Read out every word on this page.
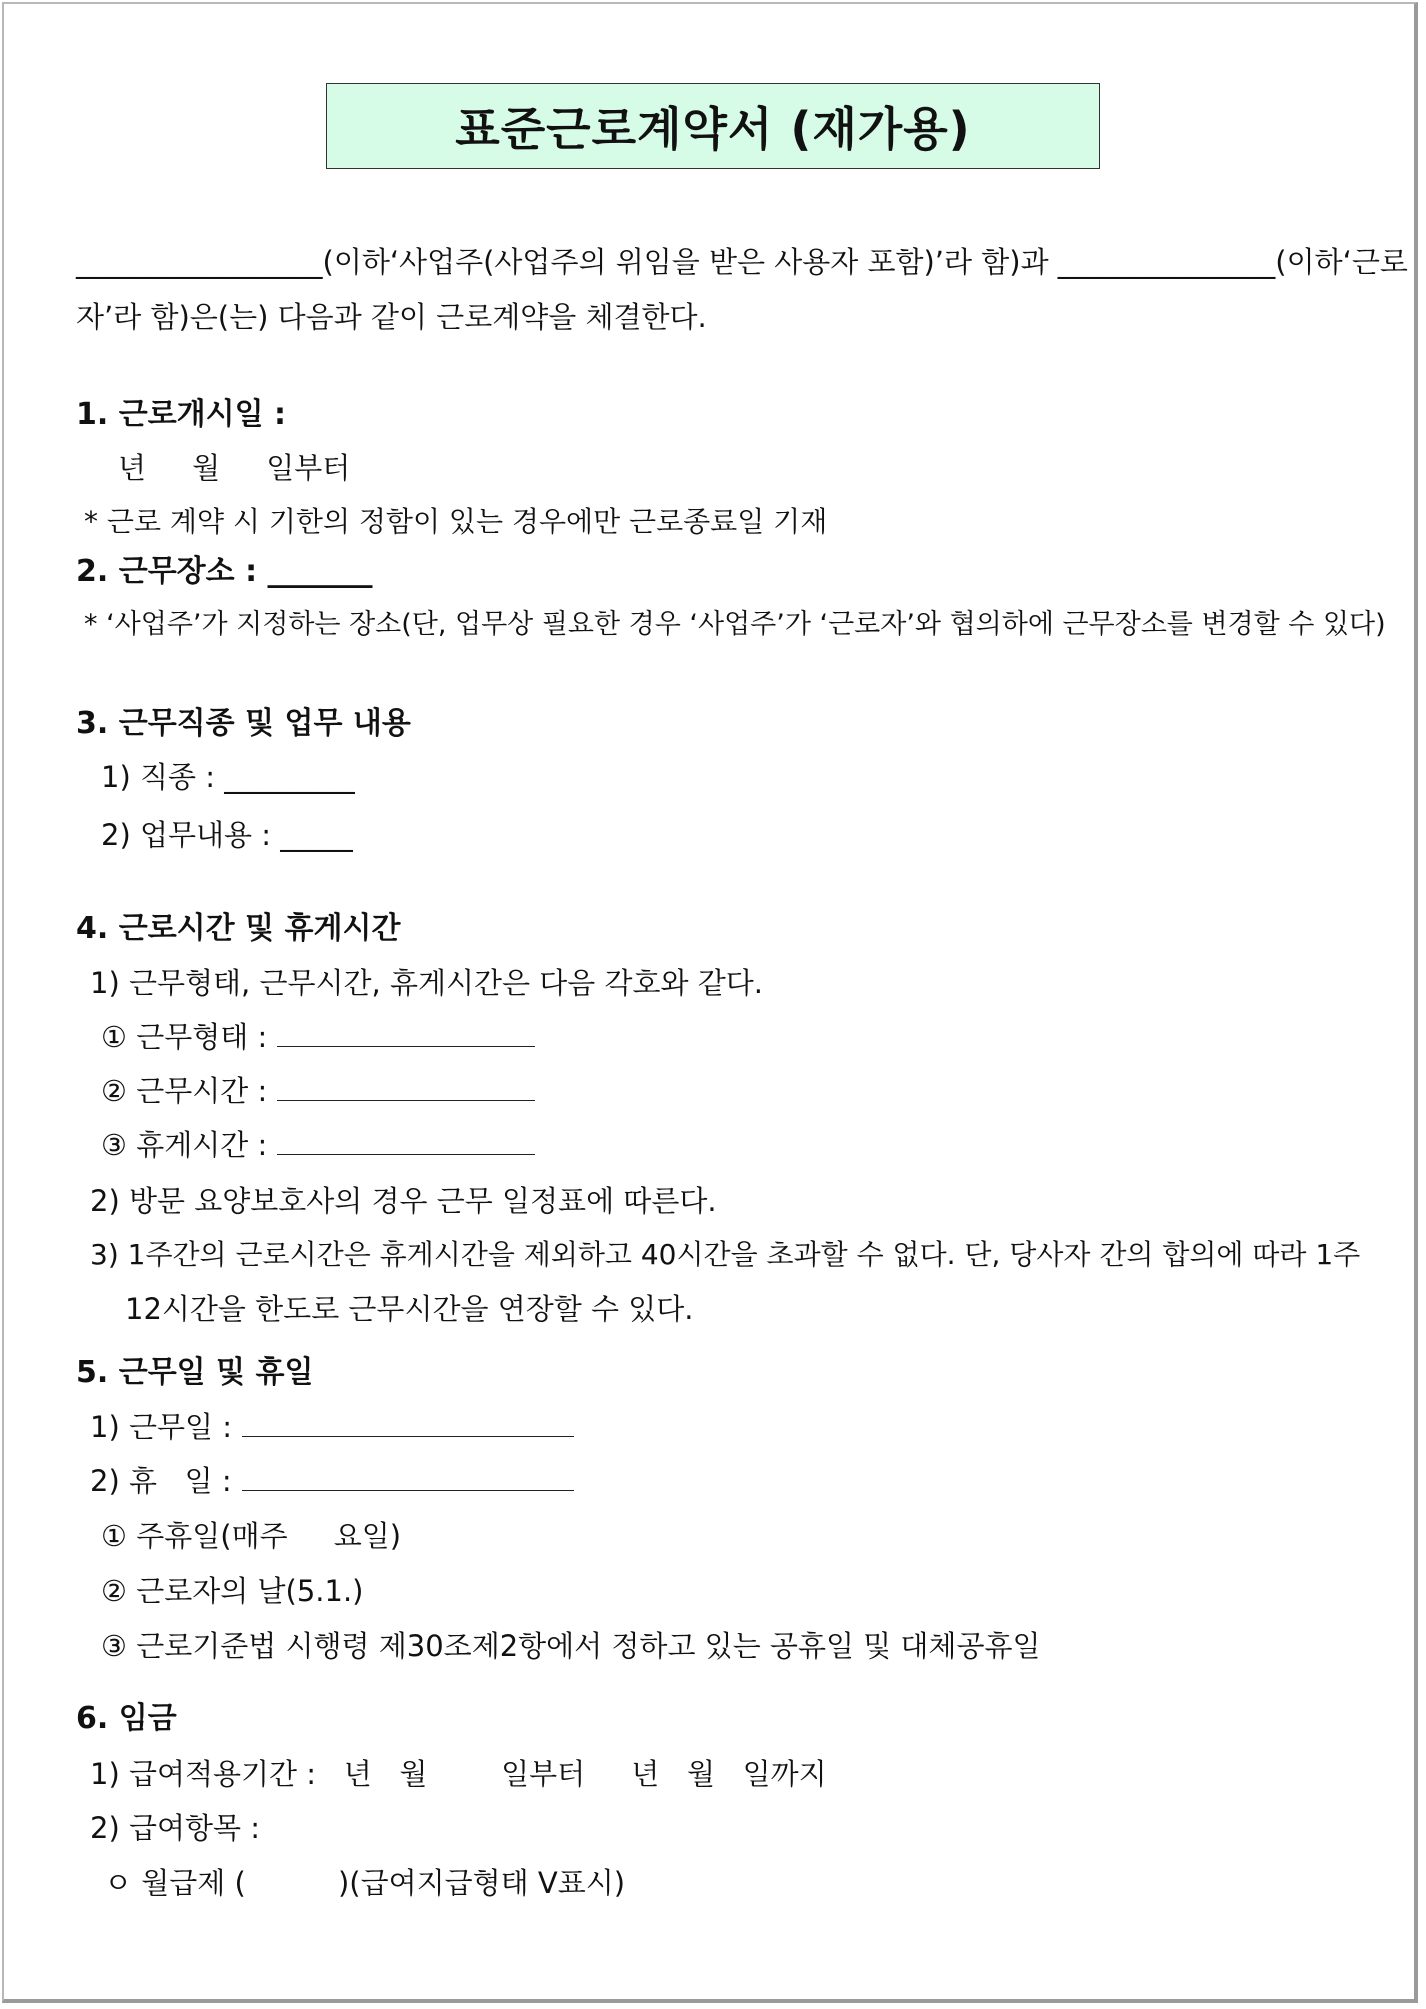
표준근로계약서 (재가용)
_________________(이하‘사업주(사업주의 위임을 받은 사용자 포함)’라 함)과 _______________(이하‘근로
자’라 함)은(는) 다음과 같이 근로계약을 체결한다.
1. 근로개시일 :
년     월     일부터
* 근로 계약 시 기한의 정함이 있는 경우에만 근로종료일 기재
2. 근무장소 : _______
* ‘사업주’가 지정하는 장소(단, 업무상 필요한 경우 ‘사업주’가 ‘근로자’와 협의하에 근무장소를 변경할 수 있다)
3. 근무직종 및 업무 내용
1) 직종 : _________
2) 업무내용 : _____
4. 근로시간 및 휴게시간
1) 근무형태, 근무시간, 휴게시간은 다음 각호와 같다.
① 근무형태 :
② 근무시간 :
③ 휴게시간 :
2) 방문 요양보호사의 경우 근무 일정표에 따른다.
3) 1주간의 근로시간은 휴게시간을 제외하고 40시간을 초과할 수 없다. 단, 당사자 간의 합의에 따라 1주
12시간을 한도로 근무시간을 연장할 수 있다.
5. 근무일 및 휴일
1) 근무일 :
2) 휴   일 :
① 주휴일(매주     요일)
② 근로자의 날(5.1.)
③ 근로기준법 시행령 제30조제2항에서 정하고 있는 공휴일 및 대체공휴일
6. 임금
1) 급여적용기간 :   년   월        일부터     년   월   일까지
2) 급여항목 :
ㅇ 월급제 (          )(급여지급형태 V표시)
